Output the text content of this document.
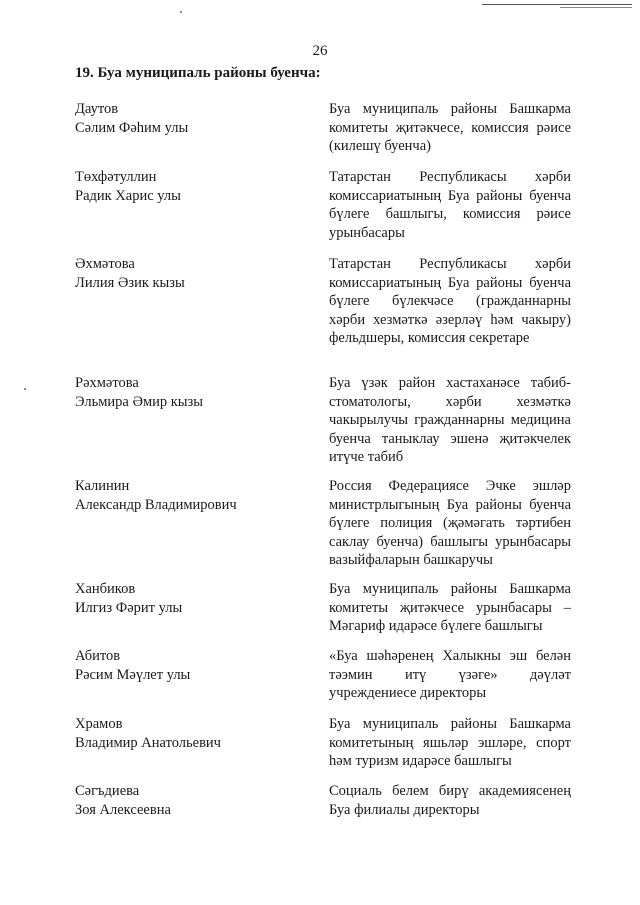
26
19. Буа муниципаль районы буенча:
Даутов
Сәлим Фәһим улы
Буа муниципаль районы Башкарма комитеты җитәкчесе, комиссия рәисе (килешү буенча)
Төхфәтуллин
Радик Харис улы
Татарстан Республикасы хәрби комиссариатының Буа районы буенча бүлеге башлыгы, комиссия рәисе урынбасары
Әхмәтова
Лилия Әзик кызы
Татарстан Республикасы хәрби комиссариатының Буа районы буенча бүлеге бүлекчәсе (гражданнарны хәрби хезмәткә әзерләү һәм чакыру) фельдшеры, комиссия секретаре
Рәхмәтова
Эльмира Әмир кызы
Буа үзәк район хастаханәсе табиб-стоматологы, хәрби хезмәткә чакырылучы гражданнарны медицина буенча таныклау эшенә җитәкчелек итүче табиб
Калинин
Александр Владимирович
Россия Федерациясе Эчке эшләр министрлыгының Буа районы буенча бүлеге полиция (җәмәгать тәртибен саклау буенча) башлыгы урынбасары вазыйфаларын башкаручы
Ханбиков
Илгиз Фәрит улы
Буа муниципаль районы Башкарма комитеты җитәкчесе урынбасары – Мәгариф идарәсе бүлеге башлыгы
Абитов
Рәсим Мәүлет улы
«Буа шәһәренең Халыкны эш белән тәэмин итү үзәге» дәүләт учреждениесе директоры
Храмов
Владимир Анатольевич
Буа муниципаль районы Башкарма комитетының яшьләр эшләре, спорт һәм туризм идарәсе башлыгы
Сәгъдиева
Зоя Алексеевна
Социаль белем бирү академиясенең Буа филиалы директоры
